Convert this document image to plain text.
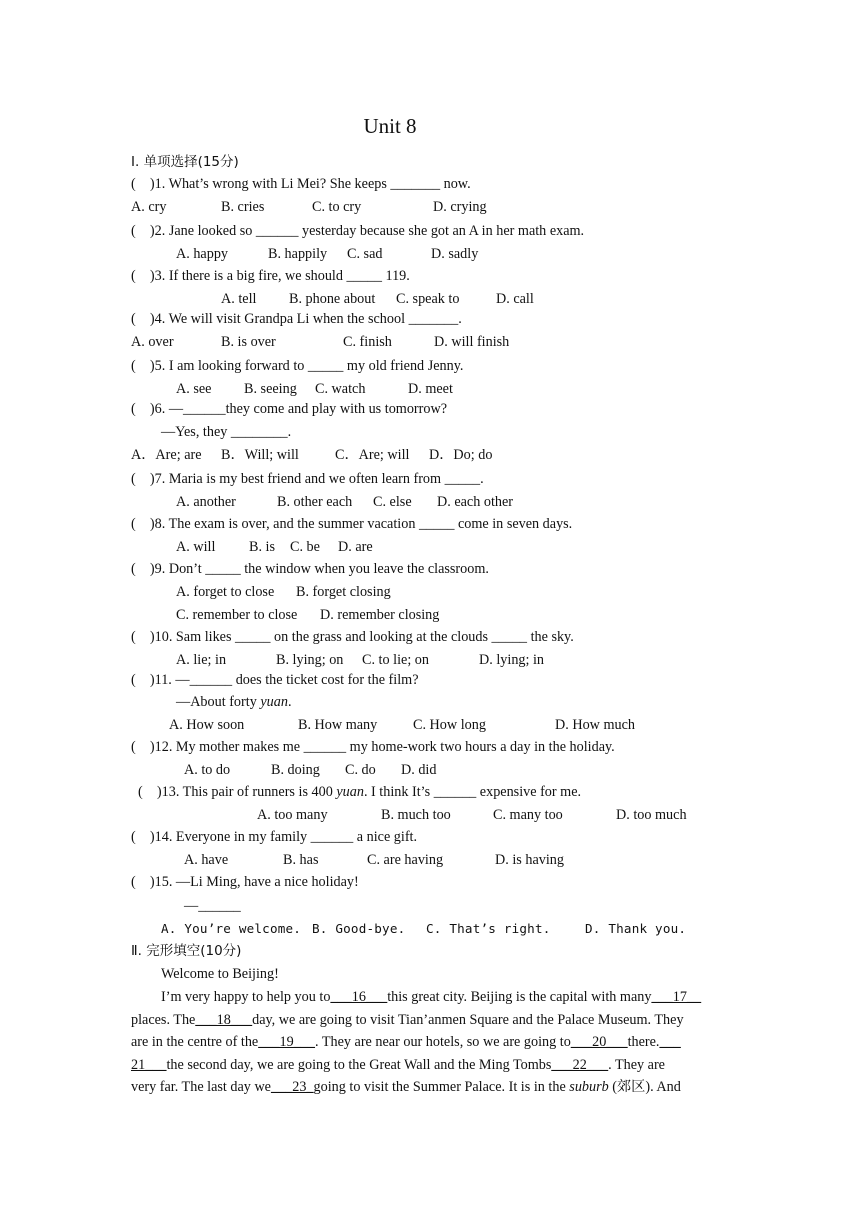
Unit 8
Ⅰ. 单项选择(15分)
(    )1. What’s wrong with Li Mei? She keeps _______ now.
A. cry	B. cries	C. to cry	D. crying
(    )2. Jane looked so ______ yesterday because she got an A in her math exam.
A. happy	B. happily C. sad	D. sadly
(    )3. If there is a big fire, we should _____ 119.
A. tell B. phone about C. speak to	D. call
(    )4. We will visit Grandpa Li when the school _______.
A. over	B. is over	C. finish	D. will finish
(    )5. I am looking forward to _____ my old friend Jenny.
A. see B. seeing C. watch	D. meet
(    )6. —______they come and play with us tomorrow?
—Yes, they ________.
A．Are; are B．Will; will	C．Are; will D．Do; do
(    )7. Maria is my best friend and we often learn from _____.
A. another	B. other each C. else D. each other
(    )8. The exam is over, and the summer vacation _____ come in seven days.
A. will B. is C. be D. are
(    )9. Don’t _____ the window when you leave the classroom.
A. forget to close B. forget closing
C. remember to close D. remember closing
(    )10. Sam likes _____ on the grass and looking at the clouds _____ the sky.
A. lie; in	B. lying; on C. to lie; on	D. lying; in
(    )11. —______ does the ticket cost for the film?
—About forty yuan.
A. How soon	B. How many	C. How long	D. How much
(    )12. My mother makes me ______ my home-work two hours a day in the holiday.
A. to do	B. doing C. do D. did
(    )13. This pair of runners is 400 yuan. I think It’s ______ expensive for me.
A. too many	B. much too	C. many too	D. too much
(    )14. Everyone in my family ______ a nice gift.
A. have	B. has	C. are having	D. is having
(    )15. —Li Ming, have a nice holiday!
—______
A. You’re welcome. B. Good-bye. C. That’s right.	D. Thank you.
Ⅱ. 完形填空(10分)
Welcome to Beijing!
I’m very happy to help you to___16___this great city. Beijing is the capital with many___17__
places. The___18___day, we are going to visit Tian’anmen Square and the Palace Museum. They
are in the centre of the___19___. They are near our hotels, so we are going to___20___there.___
21___the second day, we are going to the Great Wall and the Ming Tombs___22___. They are
very far. The last day we___23_going to visit the Summer Palace. It is in the suburb (郊区). And
